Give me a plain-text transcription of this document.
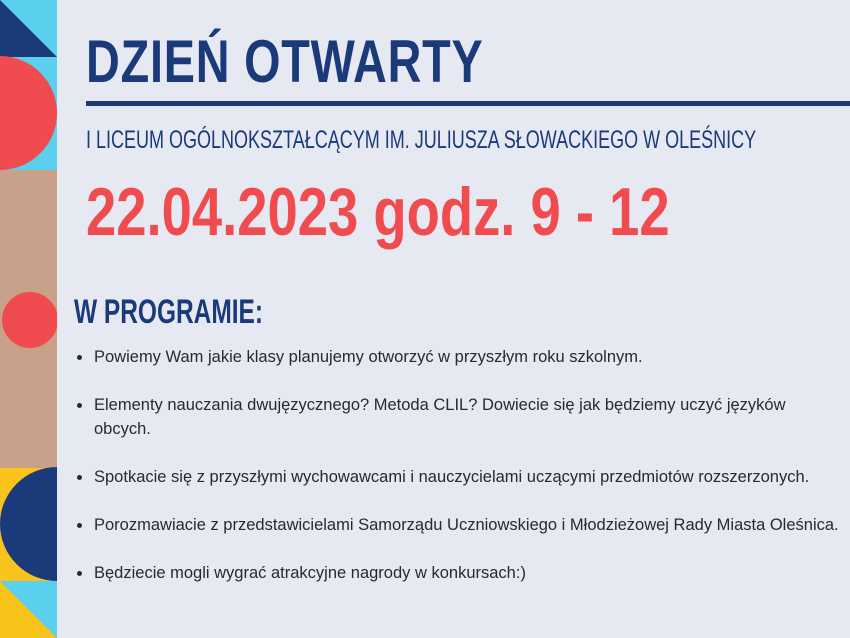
DZIEŃ OTWARTY
I LICEUM OGÓLNOKSZTAŁCĄCYM IM. JULIUSZA SŁOWACKIEGO W OLEŚNICY
22.04.2023 godz. 9 - 12
W PROGRAMIE:
Powiemy Wam jakie klasy planujemy otworzyć w przyszłym roku szkolnym.
Elementy nauczania dwujęzycznego? Metoda CLIL? Dowiecie się jak będziemy uczyć języków obcych.
Spotkacie się z przyszłymi wychowawcami i nauczycielami uczącymi przedmiotów rozszerzonych.
Porozmawiacie z przedstawicielami Samorządu Uczniowskiego i Młodzieżowej Rady Miasta Oleśnica.
Będziecie mogli wygrać atrakcyjne nagrody w konkursach:)
